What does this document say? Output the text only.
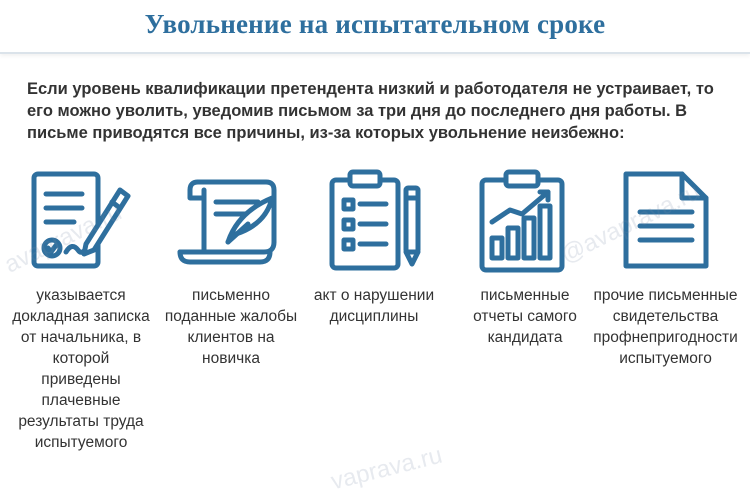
Увольнение на испытательном сроке
Если уровень квалификации претендента низкий и работодателя не устраивает, то его можно уволить, уведомив письмом за три дня до последнего дня работы. В письме приводятся все причины, из-за которых увольнение неизбежно:
указывается докладная записка от начальника, в которой приведены плачевные результаты труда испытуемого
письменно поданные жалобы клиентов на новичка
акт о нарушении дисциплины
письменные отчеты самого кандидата
прочие письменные свидетельства профнепригодности испытуемого
avapravа.ru	@avapravа.ru
vapravа.ru
